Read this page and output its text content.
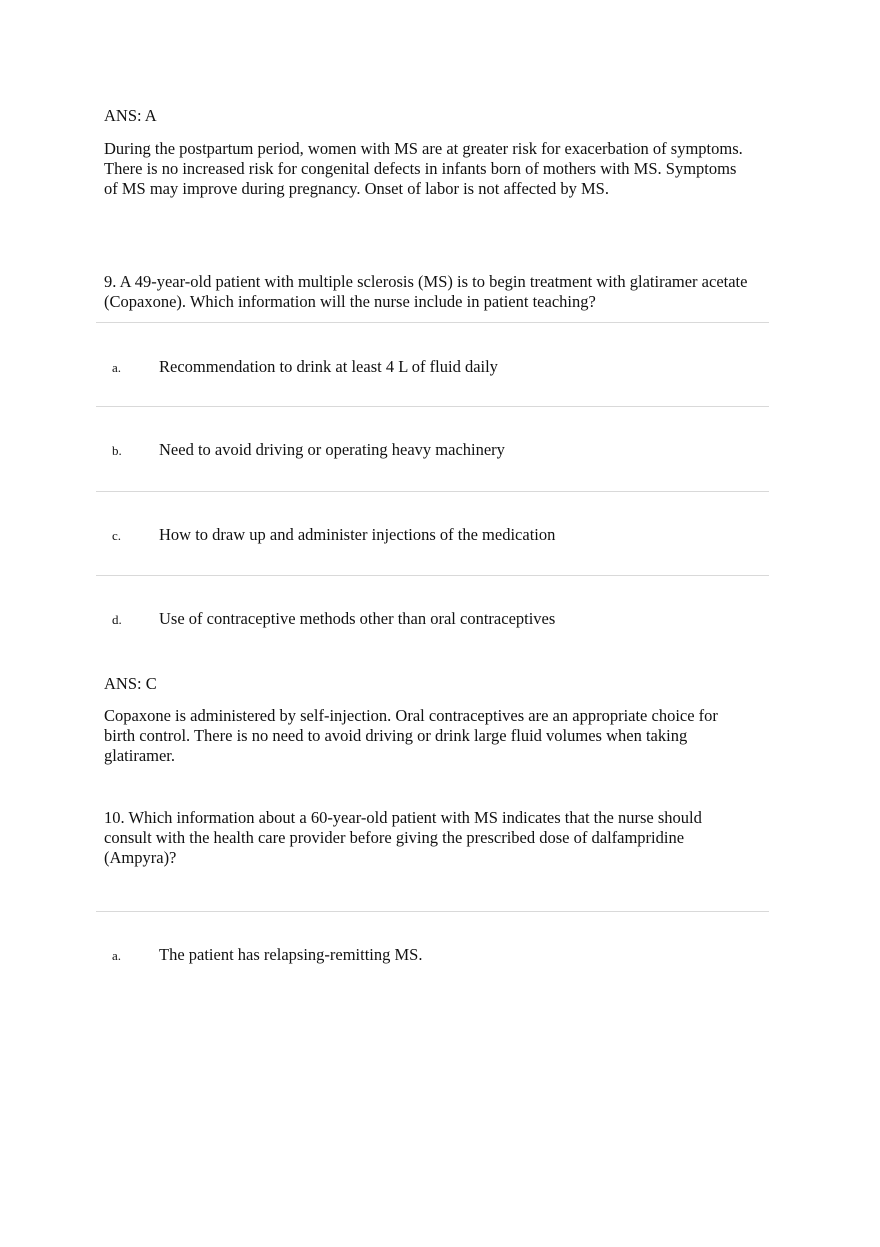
ANS: A
During the postpartum period, women with MS are at greater risk for exacerbation of symptoms.
There is no increased risk for congenital defects in infants born of mothers with MS. Symptoms
of MS may improve during pregnancy. Onset of labor is not affected by MS.
9. A 49-year-old patient with multiple sclerosis (MS) is to begin treatment with glatiramer acetate
(Copaxone). Which information will the nurse include in patient teaching?
a. Recommendation to drink at least 4 L of fluid daily
b. Need to avoid driving or operating heavy machinery
c. How to draw up and administer injections of the medication
d. Use of contraceptive methods other than oral contraceptives
ANS: C
Copaxone is administered by self-injection. Oral contraceptives are an appropriate choice for
birth control. There is no need to avoid driving or drink large fluid volumes when taking
glatiramer.
10. Which information about a 60-year-old patient with MS indicates that the nurse should
consult with the health care provider before giving the prescribed dose of dalfampridine
(Ampyra)?
a. The patient has relapsing-remitting MS.
